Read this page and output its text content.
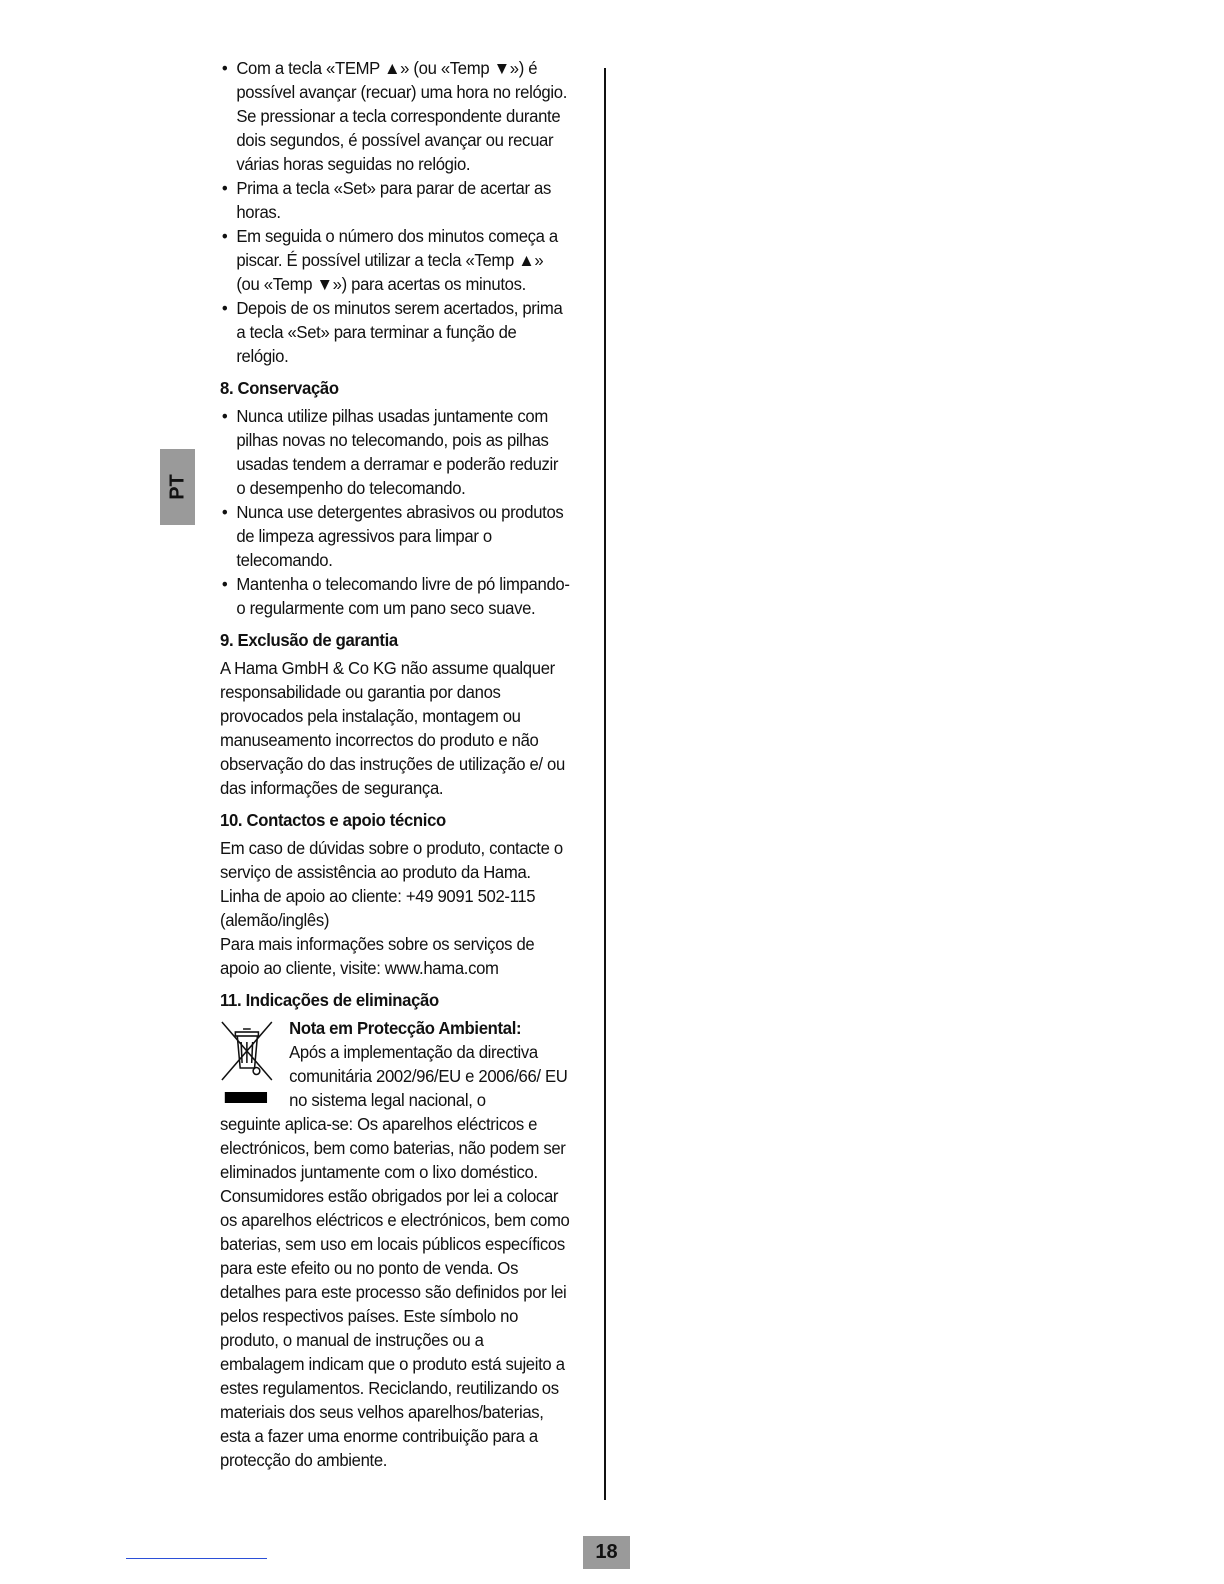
• Com a tecla «TEMP ▲» (ou «Temp ▼») é possível avançar (recuar) uma hora no relógio. Se pressionar a tecla correspondente durante dois segundos, é possível avançar ou recuar várias horas seguidas no relógio.
• Prima a tecla «Set» para parar de acertar as horas.
• Em seguida o número dos minutos começa a piscar. É possível utilizar a tecla «Temp ▲» (ou «Temp ▼») para acertas os minutos.
• Depois de os minutos serem acertados, prima a tecla «Set» para terminar a função de relógio.
8. Conservação
• Nunca utilize pilhas usadas juntamente com pilhas novas no telecomando, pois as pilhas usadas tendem a derramar e poderão reduzir o desempenho do telecomando.
• Nunca use detergentes abrasivos ou produtos de limpeza agressivos para limpar o telecomando.
• Mantenha o telecomando livre de pó limpando-o regularmente com um pano seco suave.
9. Exclusão de garantia

A Hama GmbH & Co KG não assume qualquer responsabilidade ou garantia por danos provocados pela instalação, montagem ou manuseamento incorrectos do produto e não observação do das instruções de utilização e/ ou das informações de segurança.

10. Contactos e apoio técnico

Em caso de dúvidas sobre o produto, contacte o serviço de assistência ao produto da Hama.

Linha de apoio ao cliente: +49 9091 502-115 (alemão/inglês)

Para mais informações sobre os serviços de apoio ao cliente, visite: www.hama.com

11. Indicações de eliminação
Nota em Protecção Ambiental:
Após a implementação da directiva comunitária 2002/96/EU e 2006/66/ EU no sistema legal nacional, o

seguinte aplica-se: Os aparelhos eléctricos e electrónicos, bem como baterias, não podem ser eliminados juntamente com o lixo doméstico. Consumidores estão obrigados por lei a colocar os aparelhos eléctricos e electrónicos, bem como baterias, sem uso em locais públicos específicos para este efeito ou no ponto de venda. Os detalhes para este processo são definidos por lei pelos respectivos países. Este símbolo no produto, o manual de instruções ou a embalagem indicam que o produto está sujeito a estes regulamentos. Reciclando, reutilizando os materiais dos seus velhos aparelhos/baterias, esta a fazer uma enorme contribuição para a protecção do ambiente.

PT
18
